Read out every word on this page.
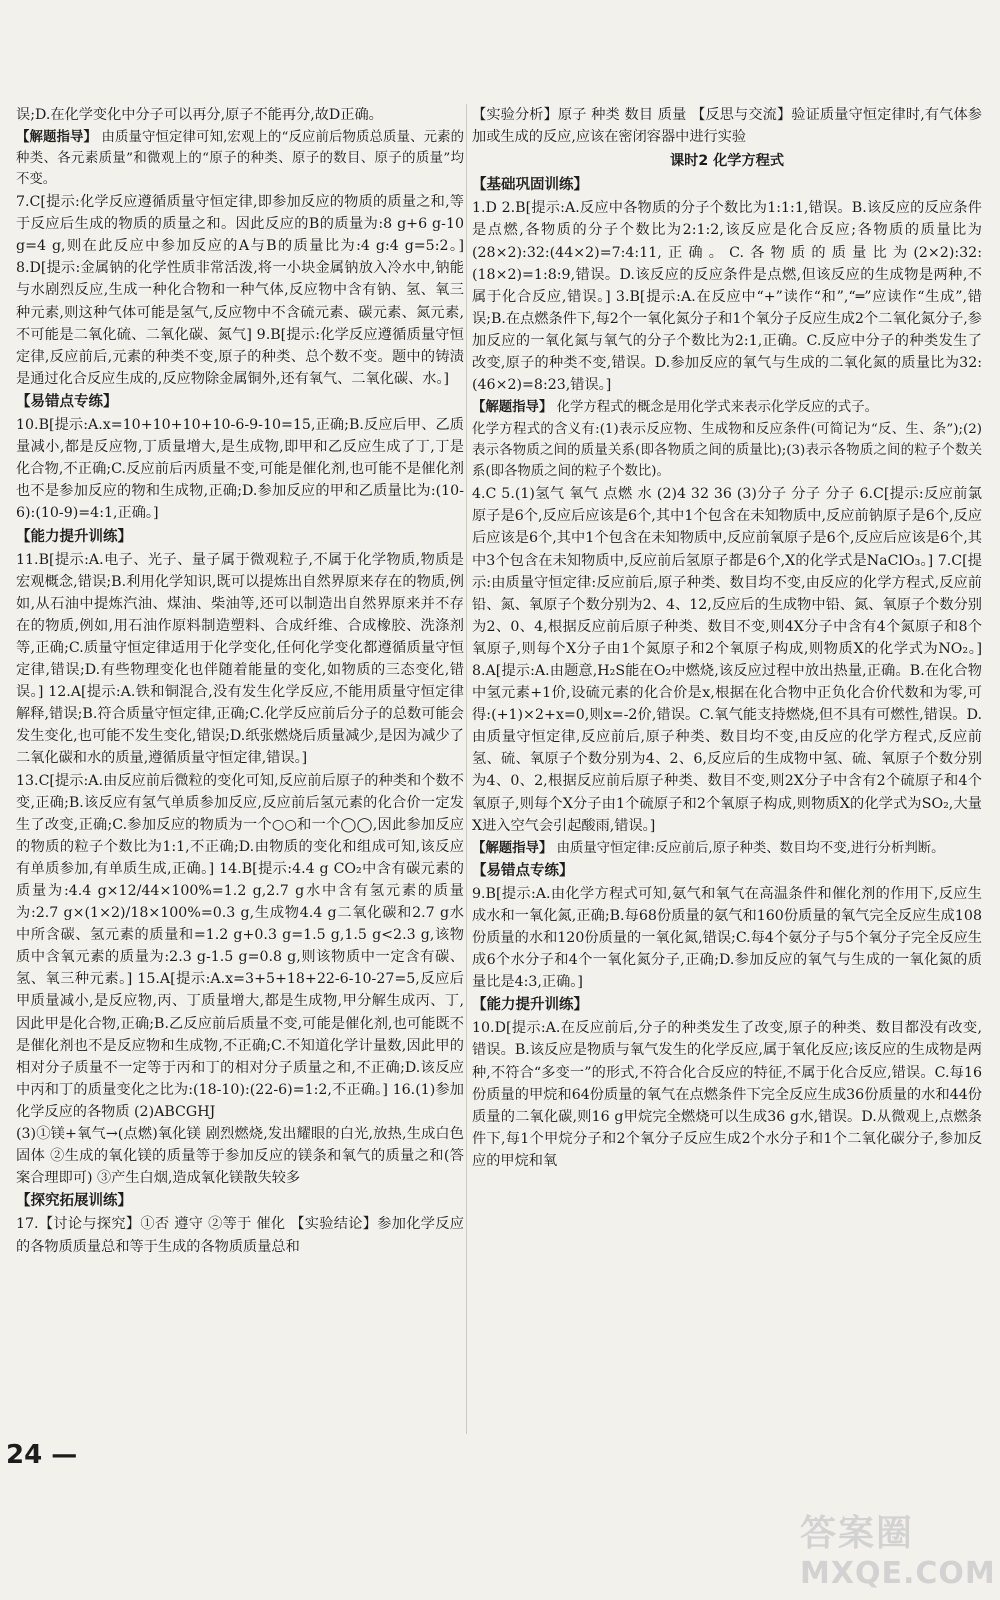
误;D.在化学变化中分子可以再分,原子不能再分,故D正确。

【解题指导】 由质量守恒定律可知,宏观上的“反应前后物质总质量、元素的种类、各元素质量”和微观上的“原子的种类、原子的数目、原子的质量”均不变。

7.C[提示:化学反应遵循质量守恒定律,即参加反应的物质的质量之和,等于反应后生成的物质的质量之和。因此反应的B的质量为:8 g+6 g-10 g=4 g,则在此反应中参加反应的A与B的质量比为:4 g:4 g=5:2。] 8.D[提示:金属钠的化学性质非常活泼,将一小块金属钠放入冷水中,钠能与水剧烈反应,生成一种化合物和一种气体,反应物中含有钠、氢、氧三种元素,则这种气体可能是氢气,反应物中不含硫元素、碳元素、氮元素,不可能是二氧化硫、二氧化碳、氮气] 9.B[提示:化学反应遵循质量守恒定律,反应前后,元素的种类不变,原子的种类、总个数不变。题中的铸渍是通过化合反应生成的,反应物除金属铜外,还有氧气、二氧化碳、水。]

【易错点专练】

10.B[提示:A.x=10+10+10+10-6-9-10=15,正确;B.反应后甲、乙质量减小,都是反应物,丁质量增大,是生成物,即甲和乙反应生成了丁,丁是化合物,不正确;C.反应前后丙质量不变,可能是催化剂,也可能不是催化剂也不是参加反应的物和生成物,正确;D.参加反应的甲和乙质量比为:(10-6):(10-9)=4:1,正确。]

【能力提升训练】

11.B[提示:A.电子、光子、量子属于微观粒子,不属于化学物质,物质是宏观概念,错误;B.利用化学知识,既可以提炼出自然界原来存在的物质,例如,从石油中提炼汽油、煤油、柴油等,还可以制造出自然界原来并不存在的物质,例如,用石油作原料制造塑料、合成纤维、合成橡胶、洗涤剂等,正确;C.质量守恒定律适用于化学变化,任何化学变化都遵循质量守恒定律,错误;D.有些物理变化也伴随着能量的变化,如物质的三态变化,错误。] 12.A[提示:A.铁和铜混合,没有发生化学反应,不能用质量守恒定律解释,错误;B.符合质量守恒定律,正确;C.化学反应前后分子的总数可能会发生变化,也可能不发生变化,错误;D.纸张燃烧后质量减少,是因为减少了二氧化碳和水的质量,遵循质量守恒定律,错误。]

13.C[提示:A.由反应前后微粒的变化可知,反应前后原子的种类和个数不变,正确;B.该反应有氢气单质参加反应,反应前后氢元素的化合价一定发生了改变,正确;C.参加反应的物质为一个○○和一个◯◯,因此参加反应的物质的粒子个数比为1:1,不正确;D.由物质的变化和组成可知,该反应有单质参加,有单质生成,正确。] 14.B[提示:4.4 g CO₂中含有碳元素的质量为:4.4 g×12/44×100%=1.2 g,2.7 g水中含有氢元素的质量为:2.7 g×(1×2)/18×100%=0.3 g,生成物4.4 g二氧化碳和2.7 g水中所含碳、氢元素的质量和=1.2 g+0.3 g=1.5 g,1.5 g<2.3 g,该物质中含氧元素的质量为:2.3 g-1.5 g=0.8 g,则该物质中一定含有碳、氢、氧三种元素。] 15.A[提示:A.x=3+5+18+22-6-10-27=5,反应后甲质量减小,是反应物,丙、丁质量增大,都是生成物,甲分解生成丙、丁,因此甲是化合物,正确;B.乙反应前后质量不变,可能是催化剂,也可能既不是催化剂也不是反应物和生成物,不正确;C.不知道化学计量数,因此甲的相对分子质量不一定等于丙和丁的相对分子质量之和,不正确;D.该反应中丙和丁的质量变化之比为:(18-10):(22-6)=1:2,不正确。] 16.(1)参加化学反应的各物质 (2)ABCGHJ

(3)①镁+氧气→(点燃)氧化镁 剧烈燃烧,发出耀眼的白光,放热,生成白色固体 ②生成的氧化镁的质量等于参加反应的镁条和氧气的质量之和(答案合理即可) ③产生白烟,造成氧化镁散失较多

【探究拓展训练】

17.【讨论与探究】①否 遵守 ②等于 催化 【实验结论】参加化学反应的各物质质量总和等于生成的各物质质量总和

【实验分析】原子 种类 数目 质量 【反思与交流】验证质量守恒定律时,有气体参加或生成的反应,应该在密闭容器中进行实验

课时2 化学方程式
【基础巩固训练】

1.D 2.B[提示:A.反应中各物质的分子个数比为1:1:1,错误。B.该反应的反应条件是点燃,各物质的分子个数比为2:1:2,该反应是化合反应;各物质的质量比为(28×2):32:(44×2)=7:4:11,正确。C.各物质的质量比为(2×2):32:(18×2)=1:8:9,错误。D.该反应的反应条件是点燃,但该反应的生成物是两种,不属于化合反应,错误。] 3.B[提示:A.在反应中“+”读作“和”,“═”应读作“生成”,错误;B.在点燃条件下,每2个一氧化氮分子和1个氧分子反应生成2个二氧化氮分子,参加反应的一氧化氮与氧气的分子个数比为2:1,正确。C.反应中分子的种类发生了改变,原子的种类不变,错误。D.参加反应的氧气与生成的二氧化氮的质量比为32:(46×2)=8:23,错误。]

【解题指导】 化学方程式的概念是用化学式来表示化学反应的式子。

化学方程式的含义有:(1)表示反应物、生成物和反应条件(可简记为“反、生、条”);(2)表示各物质之间的质量关系(即各物质之间的质量比);(3)表示各物质之间的粒子个数关系(即各物质之间的粒子个数比)。

4.C 5.(1)氢气 氧气 点燃 水 (2)4 32 36 (3)分子 分子 分子 6.C[提示:反应前氯原子是6个,反应后应该是6个,其中1个包含在未知物质中,反应前钠原子是6个,反应后应该是6个,其中1个包含在未知物质中,反应前氧原子是6个,反应后应该是6个,其中3个包含在未知物质中,反应前后氢原子都是6个,X的化学式是NaClO₃。] 7.C[提示:由质量守恒定律:反应前后,原子种类、数目均不变,由反应的化学方程式,反应前铅、氮、氧原子个数分别为2、4、12,反应后的生成物中铅、氮、氧原子个数分别为2、0、4,根据反应前后原子种类、数目不变,则4X分子中含有4个氮原子和8个氧原子,则每个X分子由1个氮原子和2个氧原子构成,则物质X的化学式为NO₂。] 8.A[提示:A.由题意,H₂S能在O₂中燃烧,该反应过程中放出热量,正确。B.在化合物中氢元素+1价,设硫元素的化合价是x,根据在化合物中正负化合价代数和为零,可得:(+1)×2+x=0,则x=-2价,错误。C.氧气能支持燃烧,但不具有可燃性,错误。D.由质量守恒定律,反应前后,原子种类、数目均不变,由反应的化学方程式,反应前氢、硫、氧原子个数分别为4、2、6,反应后的生成物中氢、硫、氧原子个数分别为4、0、2,根据反应前后原子种类、数目不变,则2X分子中含有2个硫原子和4个氧原子,则每个X分子由1个硫原子和2个氧原子构成,则物质X的化学式为SO₂,大量X进入空气会引起酸雨,错误。]

【解题指导】 由质量守恒定律:反应前后,原子种类、数目均不变,进行分析判断。

【易错点专练】

9.B[提示:A.由化学方程式可知,氨气和氧气在高温条件和催化剂的作用下,反应生成水和一氧化氮,正确;B.每68份质量的氨气和160份质量的氧气完全反应生成108份质量的水和120份质量的一氧化氮,错误;C.每4个氨分子与5个氧分子完全反应生成6个水分子和4个一氧化氮分子,正确;D.参加反应的氧气与生成的一氧化氮的质量比是4:3,正确。]

【能力提升训练】

10.D[提示:A.在反应前后,分子的种类发生了改变,原子的种类、数目都没有改变,错误。B.该反应是物质与氧气发生的化学反应,属于氧化反应;该反应的生成物是两种,不符合“多变一”的形式,不符合化合反应的特征,不属于化合反应,错误。C.每16份质量的甲烷和64份质量的氧气在点燃条件下完全反应生成36份质量的水和44份质量的二氧化碳,则16 g甲烷完全燃烧可以生成36 g水,错误。D.从微观上,点燃条件下,每1个甲烷分子和2个氧分子反应生成2个水分子和1个二氧化碳分子,参加反应的甲烷和氧

24 —
答案圈
MXQE.COM
